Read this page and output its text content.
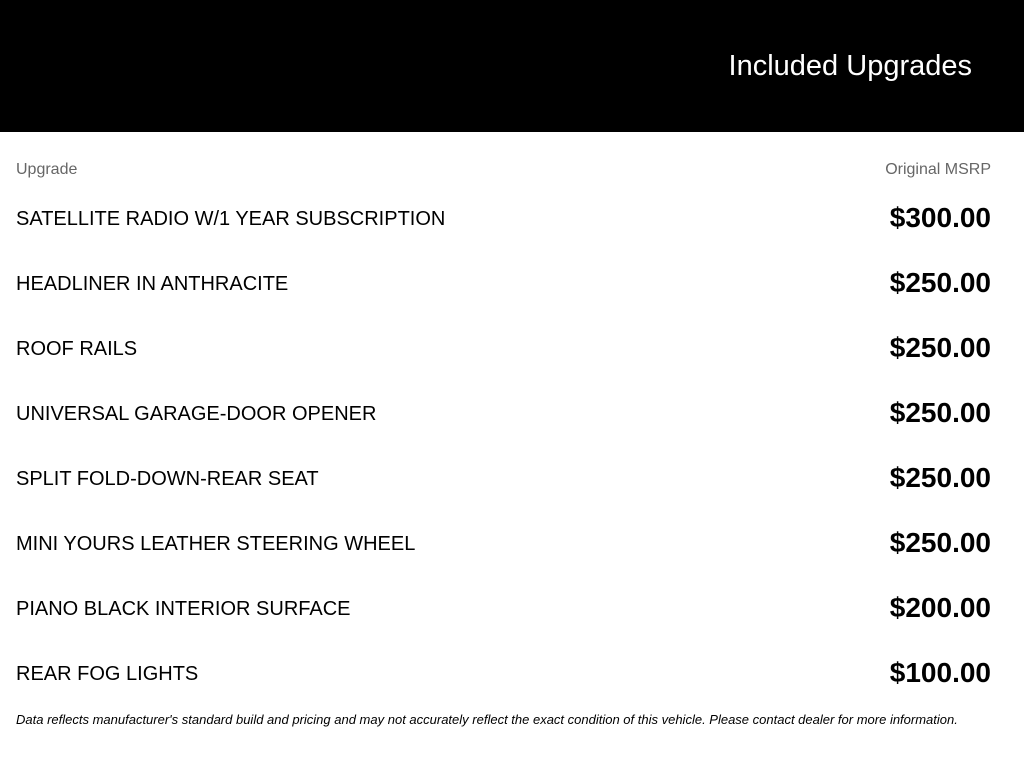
Included Upgrades
Upgrade	Original MSRP
SATELLITE RADIO W/1 YEAR SUBSCRIPTION	$300.00
HEADLINER IN ANTHRACITE	$250.00
ROOF RAILS	$250.00
UNIVERSAL GARAGE-DOOR OPENER	$250.00
SPLIT FOLD-DOWN-REAR SEAT	$250.00
MINI YOURS LEATHER STEERING WHEEL	$250.00
PIANO BLACK INTERIOR SURFACE	$200.00
REAR FOG LIGHTS	$100.00
Data reflects manufacturer's standard build and pricing and may not accurately reflect the exact condition of this vehicle. Please contact dealer for more information.
